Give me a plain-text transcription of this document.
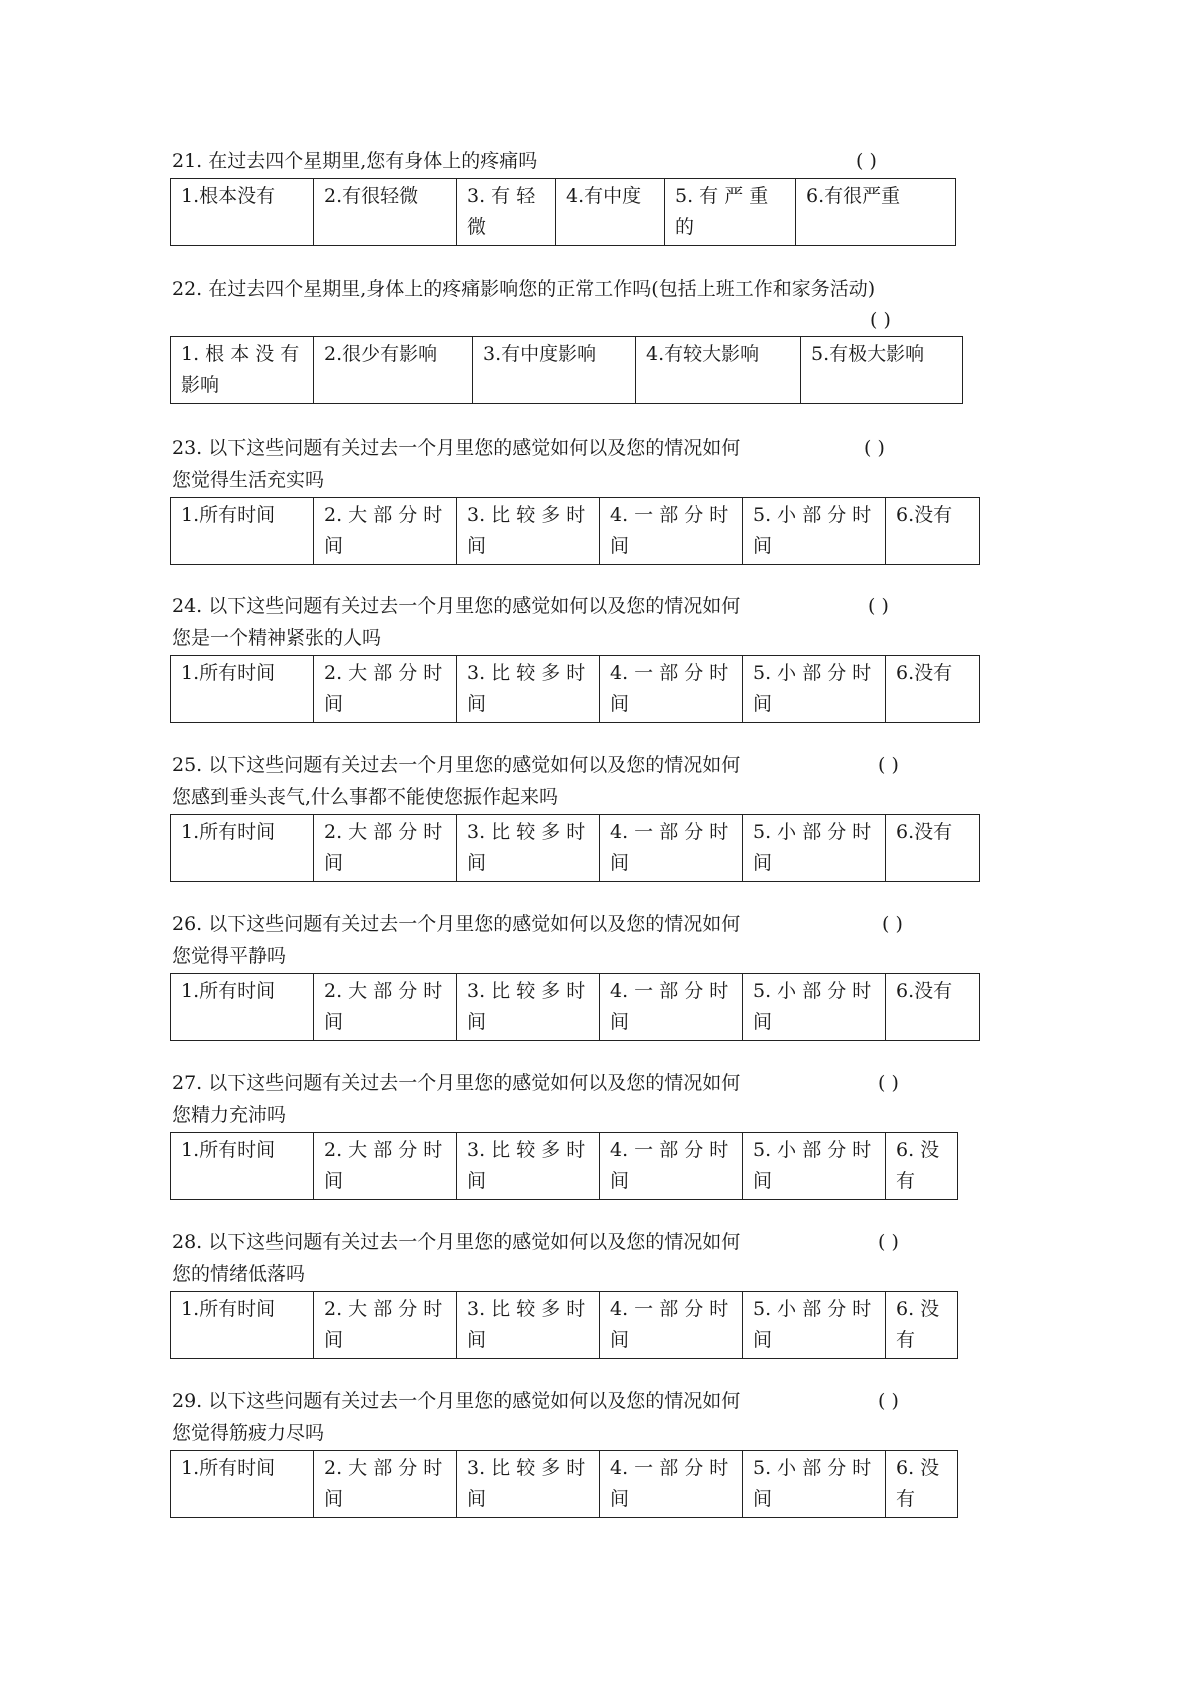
21. 在过去四个星期里,您有身体上的疼痛吗	( )
1.根本没有	2.有很轻微	3. 有 轻 微	4.有中度	5. 有 严 重 的	6.有很严重
22. 在过去四个星期里,身体上的疼痛影响您的正常工作吗(包括上班工作和家务活动)
( )
1. 根 本 没 有 影响	2.很少有影响	3.有中度影响	4.有较大影响	5.有极大影响
23. 以下这些问题有关过去一个月里您的感觉如何以及您的情况如何	( )
您觉得生活充实吗
1.所有时间	2. 大 部 分 时 间	3. 比 较 多 时 间	4. 一 部 分 时 间	5. 小 部 分 时 间	6.没有
24. 以下这些问题有关过去一个月里您的感觉如何以及您的情况如何	( )
您是一个精神紧张的人吗
1.所有时间	2. 大 部 分 时 间	3. 比 较 多 时 间	4. 一 部 分 时 间	5. 小 部 分 时 间	6.没有
25. 以下这些问题有关过去一个月里您的感觉如何以及您的情况如何	( )
您感到垂头丧气,什么事都不能使您振作起来吗
1.所有时间	2. 大 部 分 时 间	3. 比 较 多 时 间	4. 一 部 分 时 间	5. 小 部 分 时 间	6.没有
26. 以下这些问题有关过去一个月里您的感觉如何以及您的情况如何	( )
您觉得平静吗
1.所有时间	2. 大 部 分 时 间	3. 比 较 多 时 间	4. 一 部 分 时 间	5. 小 部 分 时 间	6.没有
27. 以下这些问题有关过去一个月里您的感觉如何以及您的情况如何	( )
您精力充沛吗
1.所有时间	2. 大 部 分 时 间	3. 比 较 多 时 间	4. 一 部 分 时 间	5. 小 部 分 时 间	6. 没 有
28. 以下这些问题有关过去一个月里您的感觉如何以及您的情况如何	( )
您的情绪低落吗
1.所有时间	2. 大 部 分 时 间	3. 比 较 多 时 间	4. 一 部 分 时 间	5. 小 部 分 时 间	6. 没 有
29. 以下这些问题有关过去一个月里您的感觉如何以及您的情况如何	( )
您觉得筋疲力尽吗
1.所有时间	2. 大 部 分 时 间	3. 比 较 多 时 间	4. 一 部 分 时 间	5. 小 部 分 时 间	6. 没 有
